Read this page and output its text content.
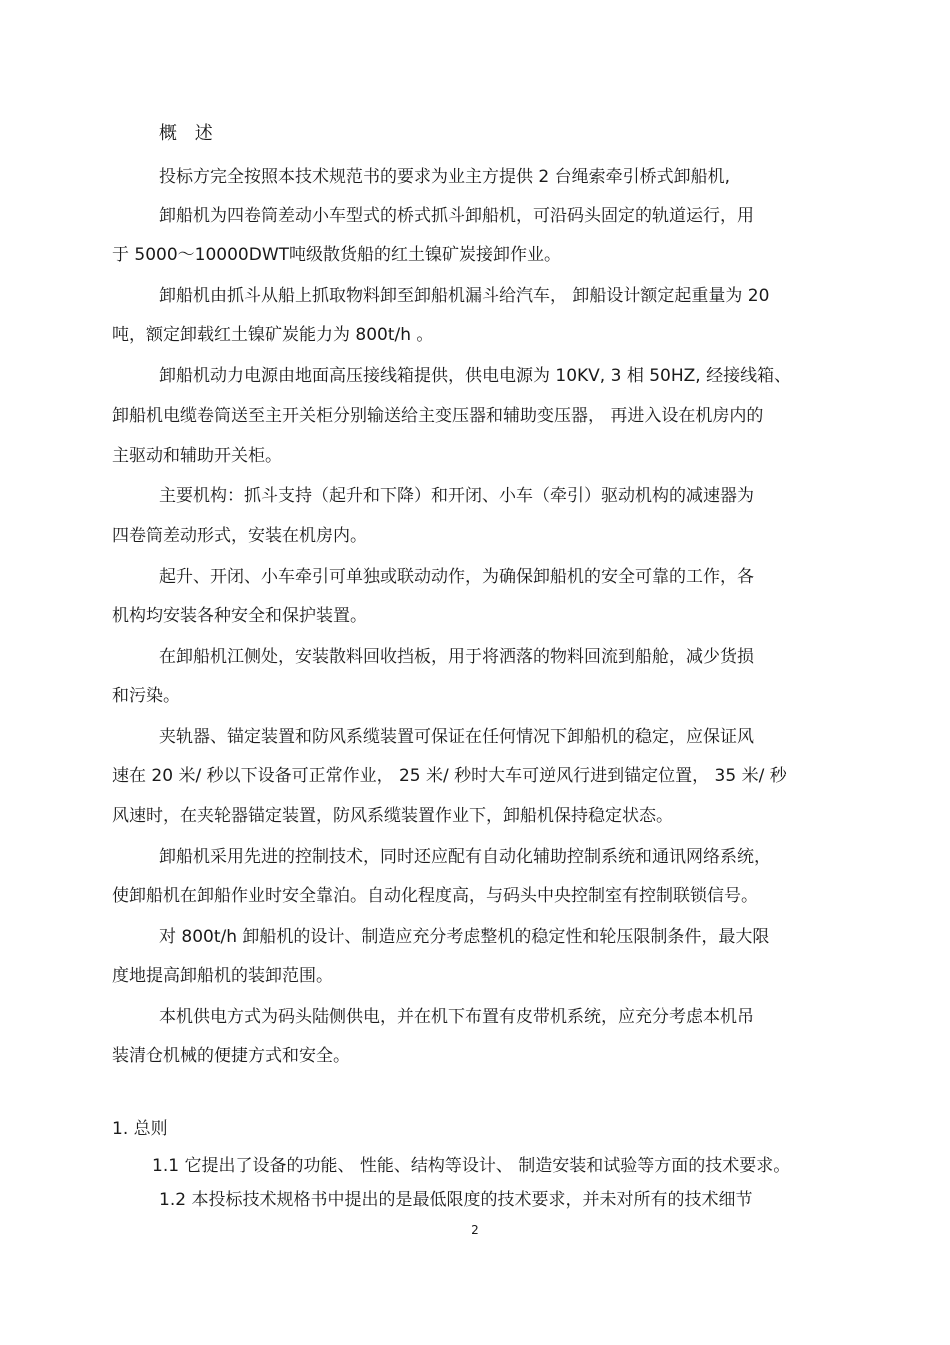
概 述
投标方完全按照本技术规范书的要求为业主方提供 2 台绳索牵引桥式卸船机,
卸船机为四卷筒差动小车型式的桥式抓斗卸船机，可沿码头固定的轨道运行，用
于 5000～10000DWT吨级散货船的红土镍矿炭接卸作业。
卸船机由抓斗从船上抓取物料卸至卸船机漏斗给汽车， 卸船设计额定起重量为 20
吨，额定卸载红土镍矿炭能力为 800t/h 。
卸船机动力电源由地面高压接线箱提供，供电电源为 10KV, 3 相 50HZ, 经接线箱、
卸船机电缆卷筒送至主开关柜分别输送给主变压器和辅助变压器， 再进入设在机房内的
主驱动和辅助开关柜。
主要机构：抓斗支持（起升和下降）和开闭、小车（牵引）驱动机构的减速器为
四卷筒差动形式，安装在机房内。
起升、开闭、小车牵引可单独或联动动作，为确保卸船机的安全可靠的工作，各
机构均安装各种安全和保护装置。
在卸船机江侧处，安装散料回收挡板，用于将洒落的物料回流到船舱，减少货损
和污染。
夹轨器、锚定装置和防风系缆装置可保证在任何情况下卸船机的稳定，应保证风
速在 20 米/ 秒以下设备可正常作业， 25 米/ 秒时大车可逆风行进到锚定位置， 35 米/ 秒
风速时，在夹轮器锚定装置，防风系缆装置作业下，卸船机保持稳定状态。
卸船机采用先进的控制技术，同时还应配有自动化辅助控制系统和通讯网络系统，
使卸船机在卸船作业时安全靠泊。自动化程度高，与码头中央控制室有控制联锁信号。
对 800t/h 卸船机的设计、制造应充分考虑整机的稳定性和轮压限制条件，最大限
度地提高卸船机的装卸范围。
本机供电方式为码头陆侧供电，并在机下布置有皮带机系统，应充分考虑本机吊
装清仓机械的便捷方式和安全。
1. 总则
1.1 它提出了设备的功能、 性能、结构等设计、 制造安装和试验等方面的技术要求。
1.2 本投标技术规格书中提出的是最低限度的技术要求，并未对所有的技术细节
2
